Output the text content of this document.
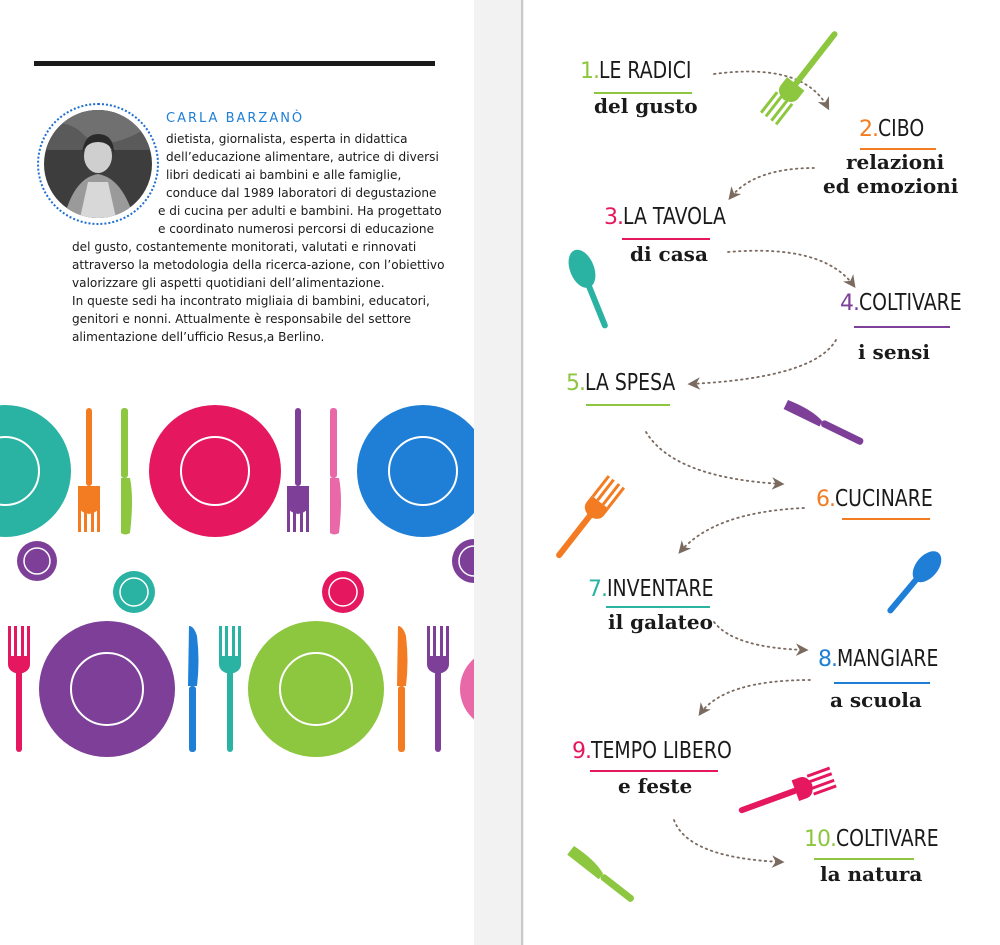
CARLA BARZANÒ
dietista, giornalista, esperta in didattica
dell’educazione alimentare, autrice di diversi
libri dedicati ai bambini e alle famiglie,
conduce dal 1989 laboratori di degustazione
e di cucina per adulti e bambini. Ha progettato
e coordinato numerosi percorsi di educazione
del gusto, costantemente monitorati, valutati e rinnovati
attraverso la metodologia della ricerca-azione, con l’obiettivo
valorizzare gli aspetti quotidiani dell’alimentazione.
In queste sedi ha incontrato migliaia di bambini, educatori,
genitori e nonni. Attualmente è responsabile del settore
alimentazione dell’ufficio Resus,a Berlino.
1.LE RADICI
del gusto
2.CIBO
relazioni
ed emozioni
3.LA TAVOLA
di casa
4.COLTIVARE
i sensi
5.LA SPESA
6.CUCINARE
7.INVENTARE
il galateo
8.MANGIARE
a scuola
9.TEMPO LIBERO
e feste
10.COLTIVARE
la natura
